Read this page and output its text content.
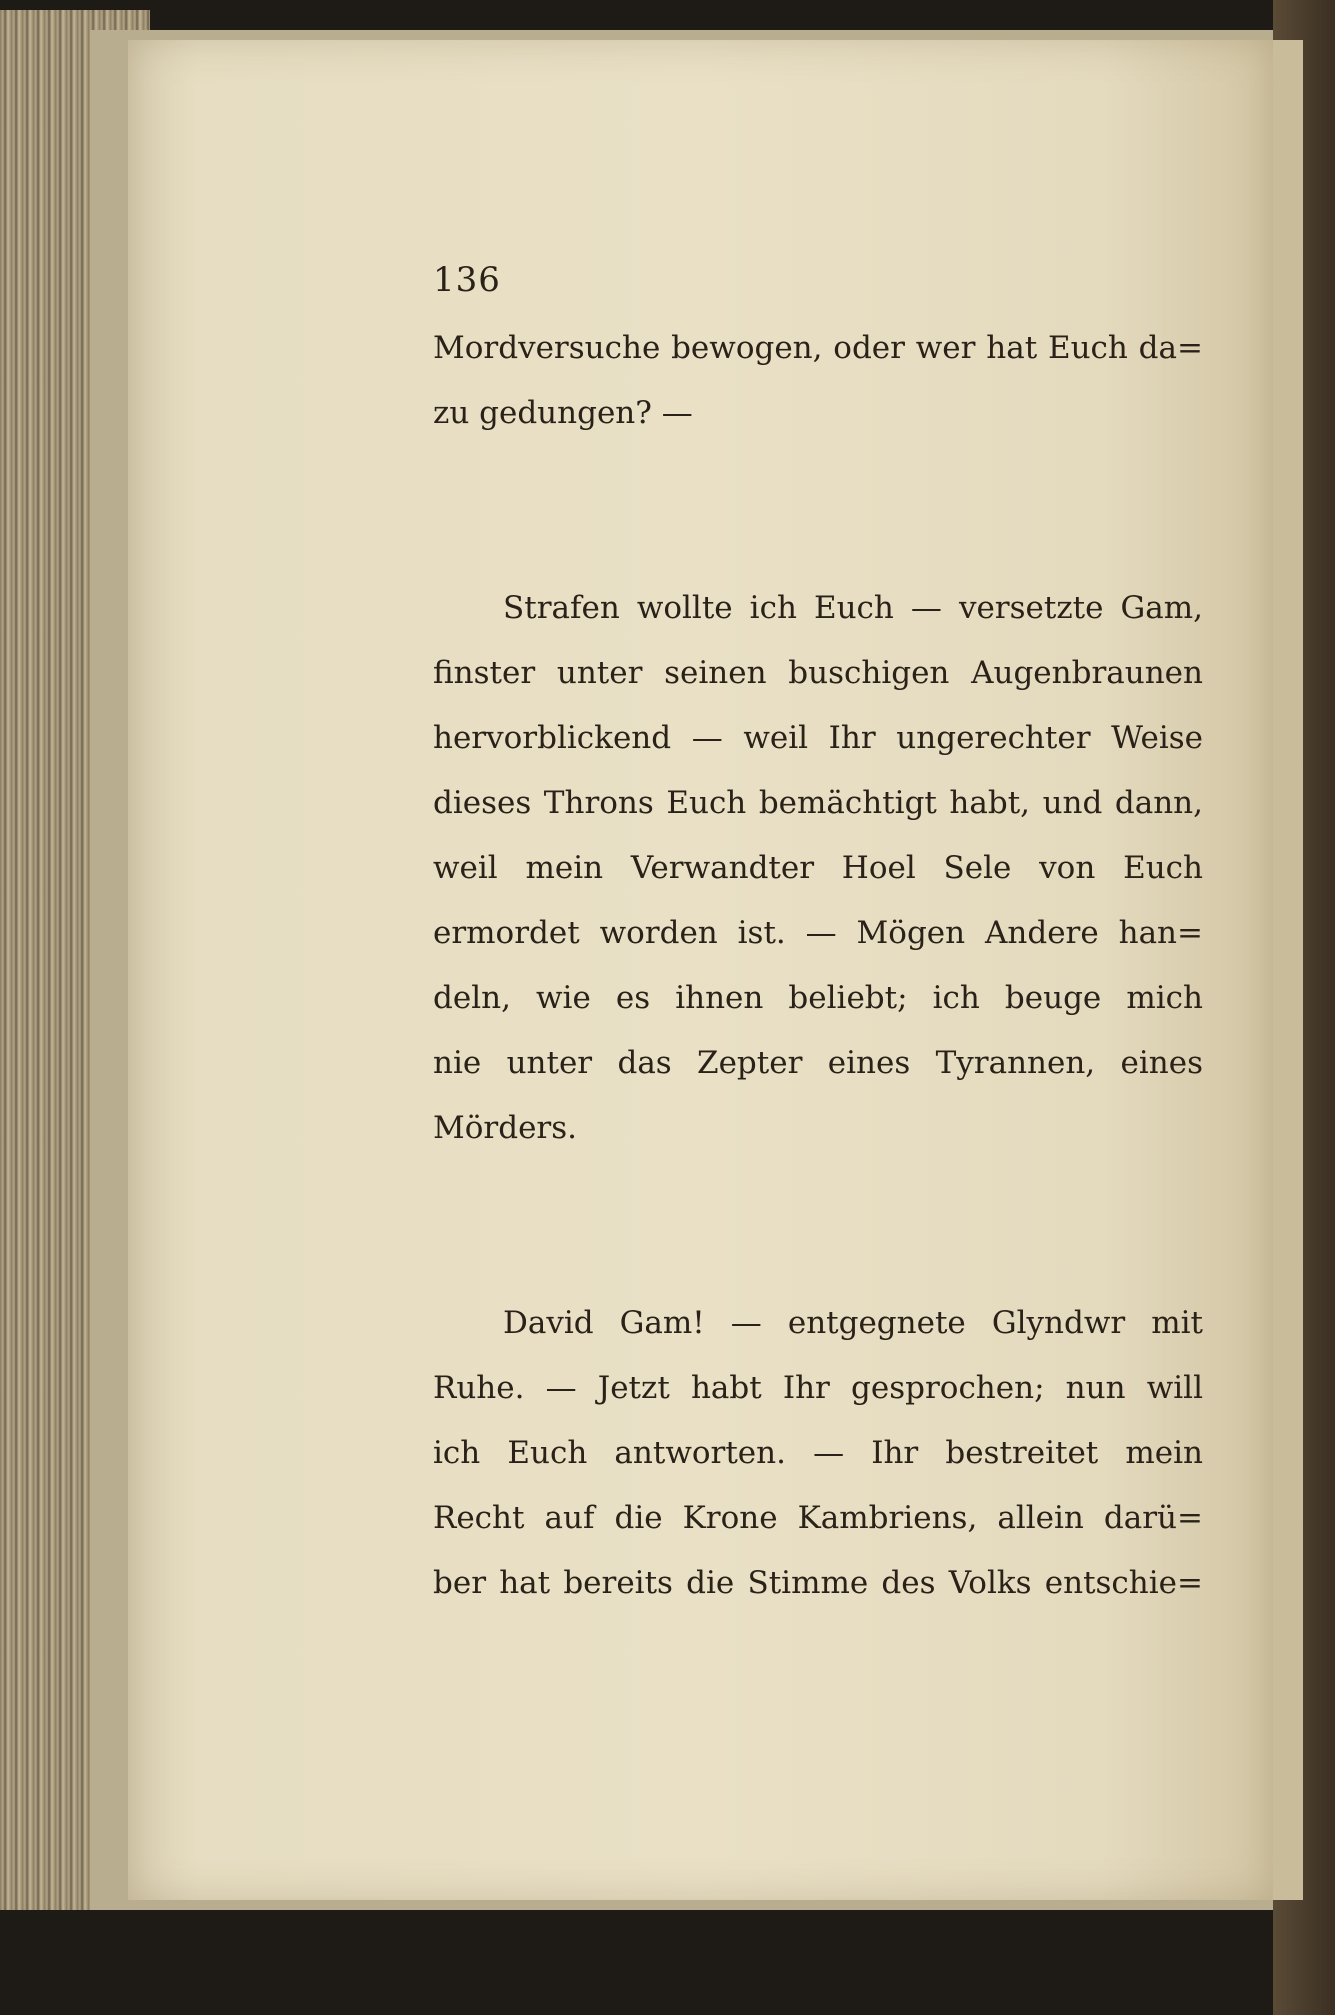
136
Mordversuche bewogen, oder wer hat Euch da=
zu gedungen? —
Strafen wollte ich Euch — versetzte Gam,
finster unter seinen buschigen Augenbraunen
hervorblickend — weil Ihr ungerechter Weise
dieses Throns Euch bemächtigt habt, und dann,
weil mein Verwandter Hoel Sele von Euch
ermordet worden ist. — Mögen Andere han=
deln, wie es ihnen beliebt; ich beuge mich
nie unter das Zepter eines Tyrannen, eines
Mörders.
David Gam! — entgegnete Glyndwr mit
Ruhe. — Jetzt habt Ihr gesprochen; nun will
ich Euch antworten. — Ihr bestreitet mein
Recht auf die Krone Kambriens, allein darü=
ber hat bereits die Stimme des Volks entschie=
